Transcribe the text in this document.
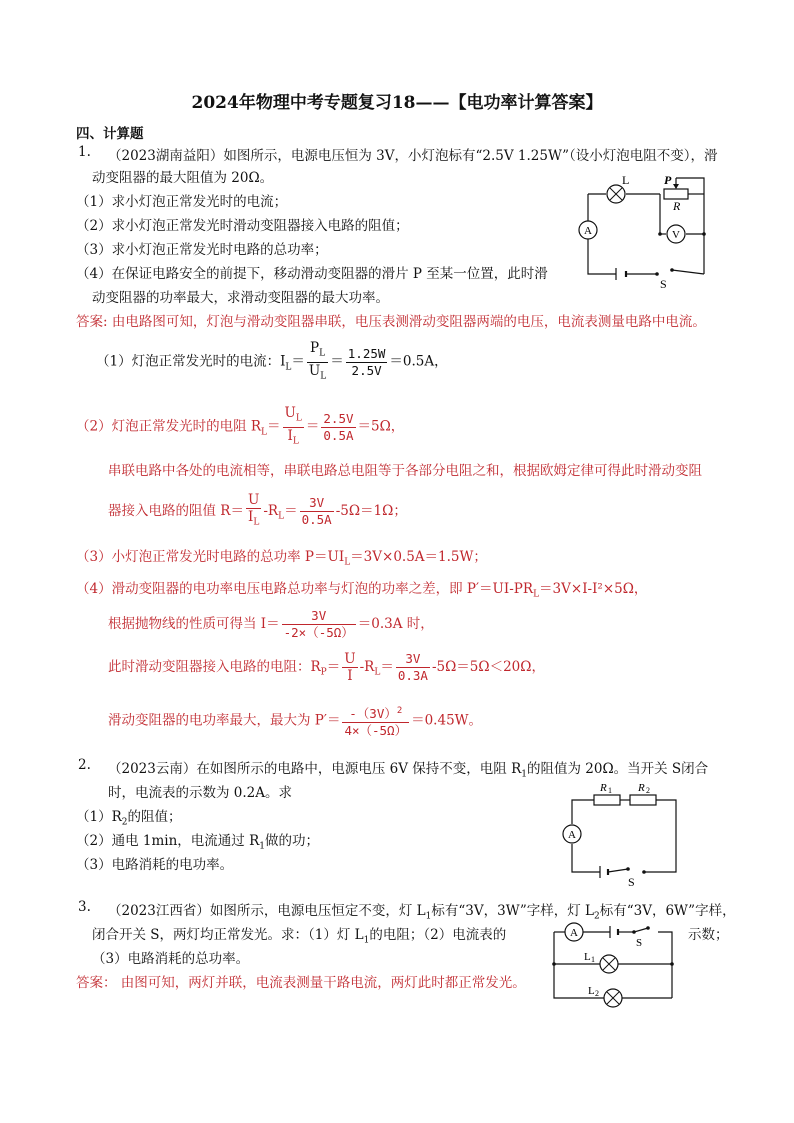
2024年物理中考专题复习18——【电功率计算答案】
四、计算题
1. （2023湖南益阳）如图所示，电源电压恒为 3V，小灯泡标有“2.5V 1.25W”（设小灯泡电阻不变），滑
动变阻器的最大阻值为 20Ω。
（1）求小灯泡正常发光时的电流；
（2）求小灯泡正常发光时滑动变阻器接入电路的阻值；
（3）求小灯泡正常发光时电路的总功率；
（4）在保证电路安全的前提下，移动滑动变阻器的滑片 P 至某一位置，此时滑
动变阻器的功率最大，求滑动变阻器的最大功率。
A	V
L	P
R
S
答案: 由电路图可知，灯泡与滑动变阻器串联，电压表测滑动变阻器两端的电压，电流表测量电路中电流。
（1）灯泡正常发光时的电流：$I_L= \frac{P_L}{U_L} = \frac{1.25W}{2.5V} =0.5A$，
（2）灯泡正常发光时的电阻 $R_L= \frac{U_L}{I_L} = \frac{2.5V}{0.5A} =5\Omega$，
串联电路中各处的电流相等，串联电路总电阻等于各部分电阻之和，根据欧姆定律可得此时滑动变阻
器接入电路的阻值 $R= \frac{U}{I_L} -R_L= \frac{3V}{0.5A} -5\Omega=1\Omega$；
（3）小灯泡正常发光时电路的总功率 $P=UI_L=3V\times 0.5A=1.5W$；
（4）滑动变阻器的电功率电压电路总功率与灯泡的功率之差，即 $P'=UI-PR_L=3V\times I-I^2\times 5\Omega$，
根据抛物线的性质可得当 $I= \frac{3V}{-2\times(-5\Omega)} =0.3A$ 时，
此时滑动变阻器接入电路的电阻：$R_P= \frac{U}{I} -R_L= \frac{3V}{0.3A} -5\Omega=5\Omega<20\Omega$，
滑动变阻器的电功率最大，最大为 $P'= \frac{-(3V)^2}{4\times(-5\Omega)} =0.45W$。
2. （2023云南）在如图所示的电路中，电源电压 6V 保持不变，电阻 $R_1$的阻值为 20Ω。当开关 S闭合
时，电流表的示数为 0.2A。求
$(1)R_2$的阻值；
（2）通电 1min，电流通过 $R_1$做的功；
（3）电路消耗的电功率。
A
R 1 R 2
S
3. （2023江西省）如图所示，电源电压恒定不变，灯 $L_1$标有“3V，3W”字样，灯 $L_2$标有“3V，6W”字样，
闭合开关 S，两灯均正常发光。求：（1）灯 $L_1$的电阻；（2）电流表的	示数；
（3）电路消耗的总功率。
答案： 由图可知，两灯并联，电流表测量干路电流，两灯此时都正常发光。
A
S
L 1
L 2
